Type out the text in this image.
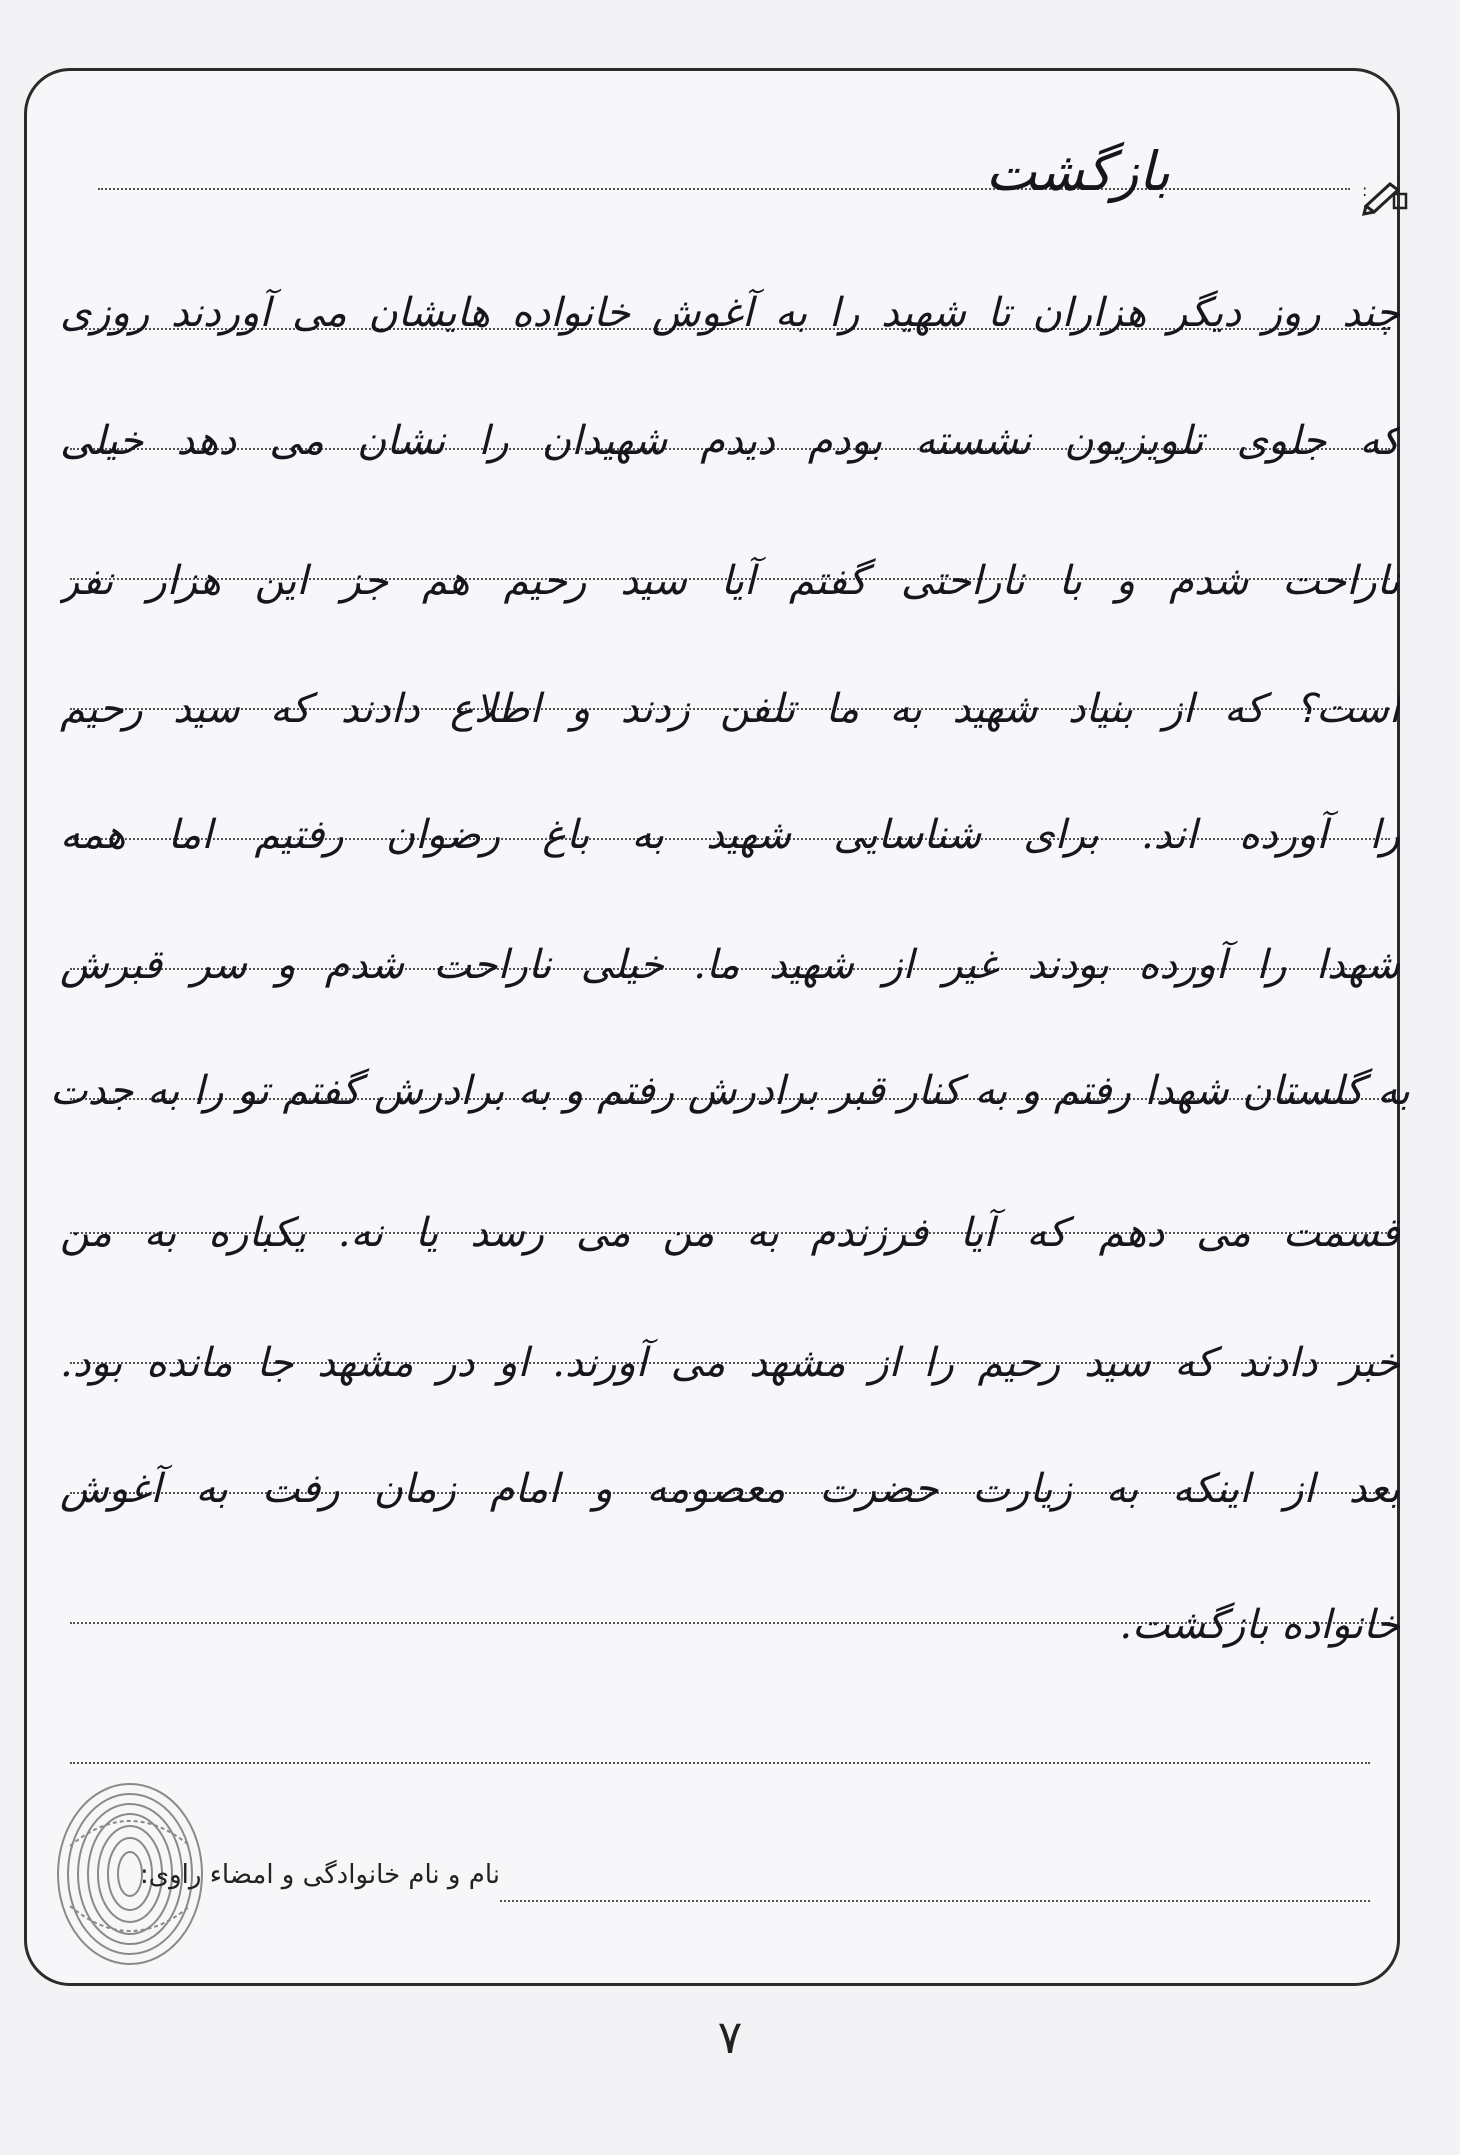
:
بازگشت
چند روز دیگر هزاران تا شهید را به آغوش خانواده هایشان می آوردند روزی
که جلوی تلویزیون نشسته بودم دیدم شهیدان را نشان می دهد خیلی
ناراحت شدم و با ناراحتی گفتم آیا سید رحیم هم جز این هزار نفر
است؟ که از بنیاد شهید به ما تلفن زدند و اطلاع دادند که سید رحیم
را آورده اند. برای شناسایی شهید به باغ رضوان رفتیم اما همه
شهدا را آورده بودند غیر از شهید ما. خیلی ناراحت شدم و سر قبرش
به گلستان شهدا رفتم و به کنار قبر برادرش رفتم و به برادرش گفتم تو را به جدت
قسمت می دهم که آیا فرزندم به من می رسد یا نه. یکباره به من
خبر دادند که سید رحیم را از مشهد می آورند. او در مشهد جا مانده بود.
بعد از اینکه به زیارت حضرت معصومه و امام زمان رفت به آغوش
خانواده بازگشت.
نام و نام خانوادگی و امضاء راوی:
۷
